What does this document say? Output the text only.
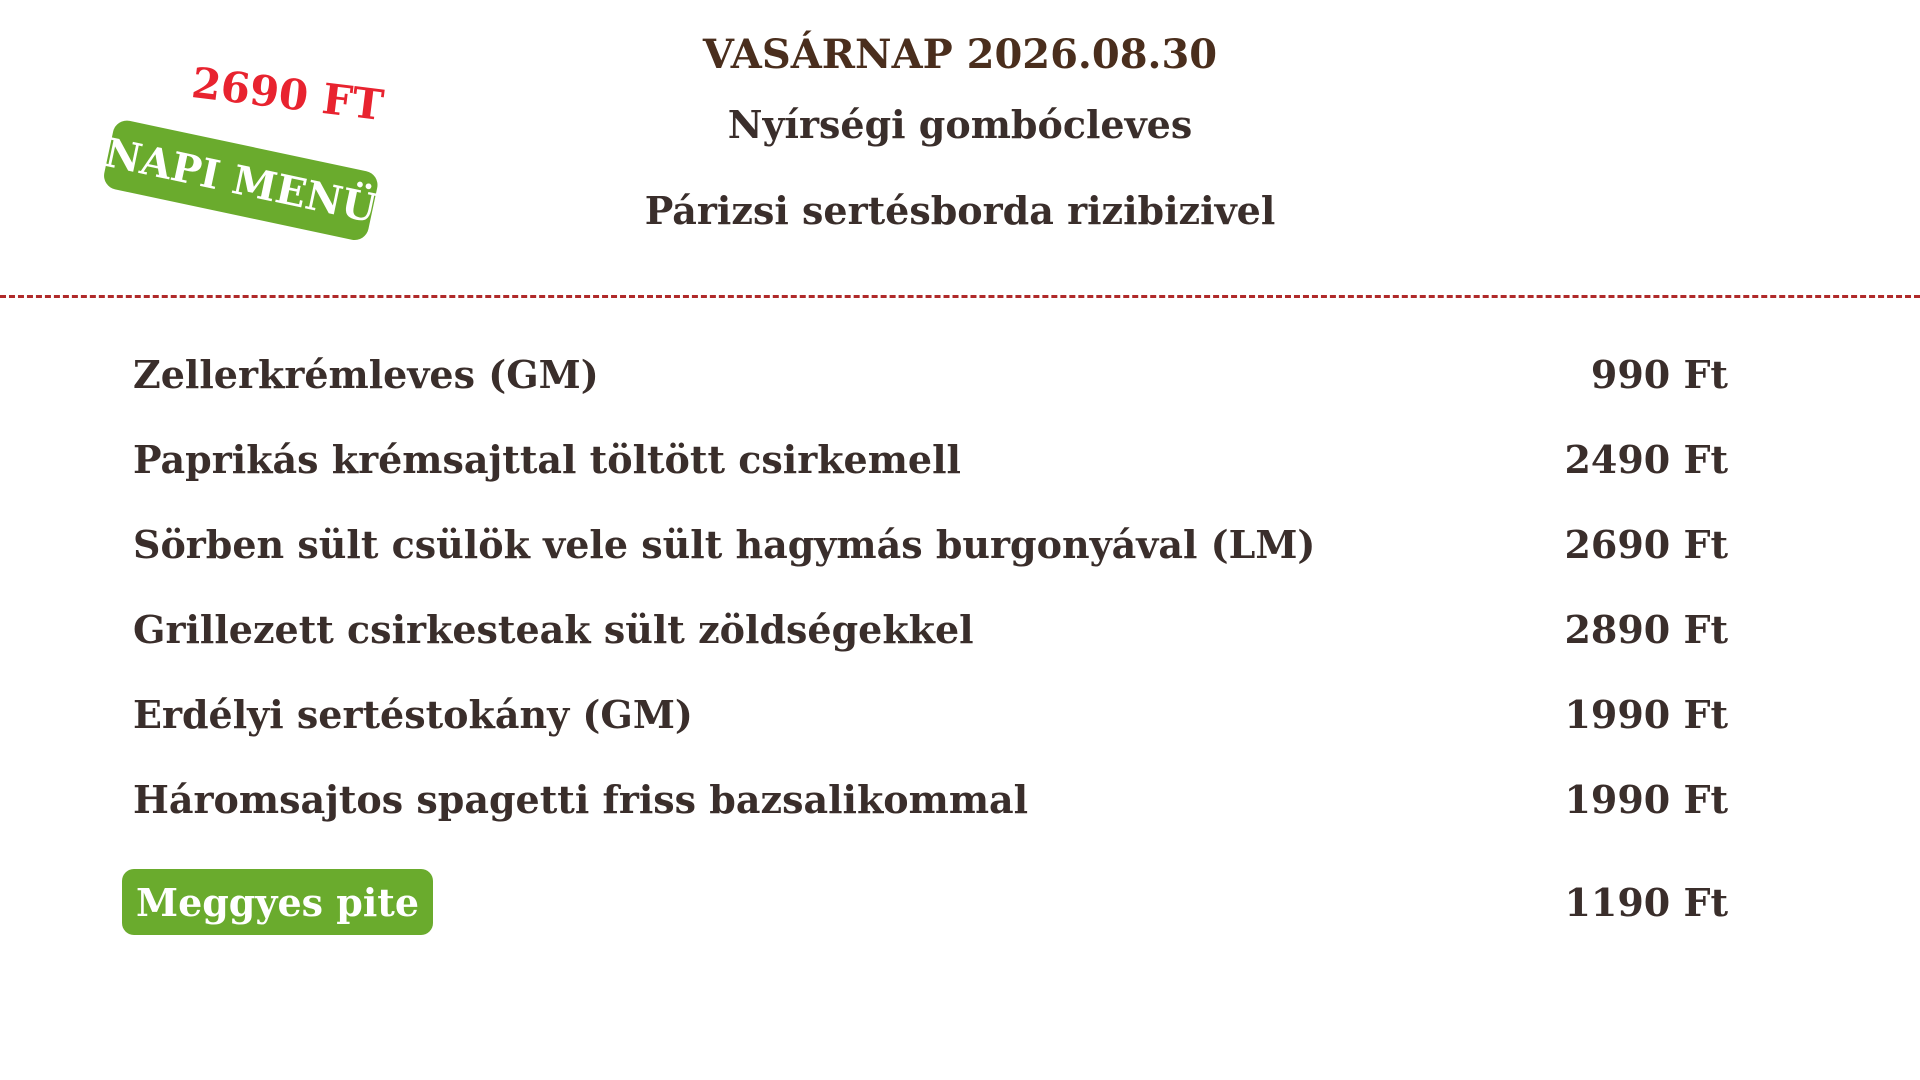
2690 FT
NAPI MENÜ
VASÁRNAP 2026.08.30
Nyírségi gombócleves
Párizsi sertésborda rizibizivel
Zellerkrémleves (GM)	990 Ft
Paprikás krémsajttal töltött csirkemell	2490 Ft
Sörben sült csülök vele sült hagymás burgonyával (LM)	2690 Ft
Grillezett csirkesteak sült zöldségekkel	2890 Ft
Erdélyi sertéstokány (GM)	1990 Ft
Háromsajtos spagetti friss bazsalikommal	1990 Ft
Meggyes pite	1190 Ft
